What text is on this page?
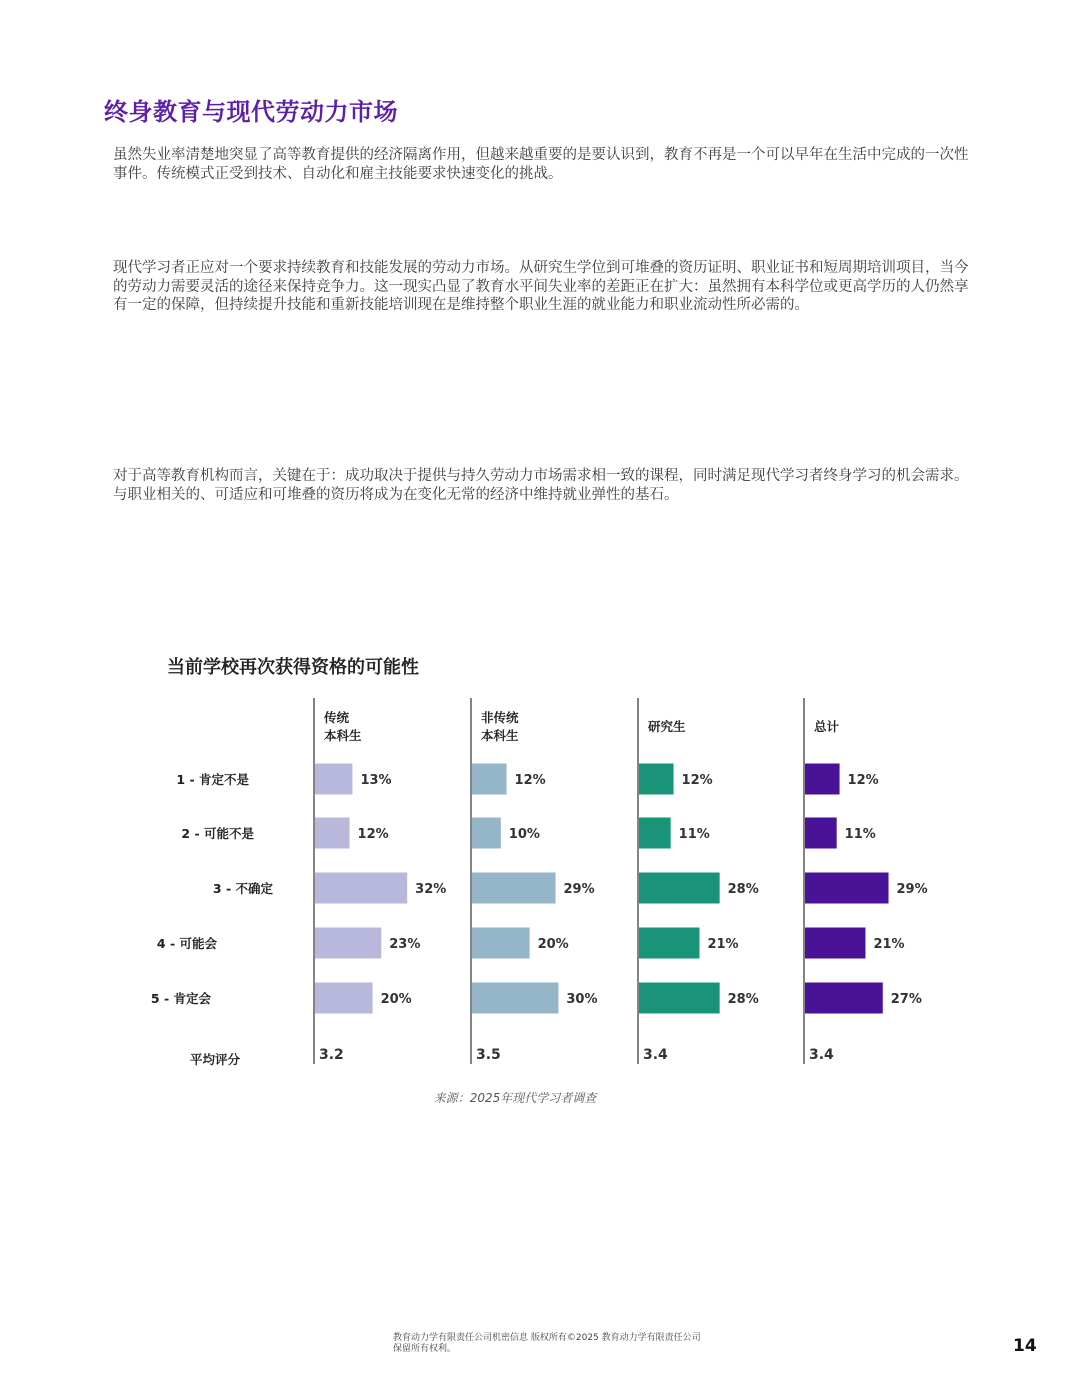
终身教育与现代劳动力市场

虽然失业率清楚地突显了高等教育提供的经济隔离作用，但越来越重要的是要认识到，教育不再是一个可以早年在生活中完成的一次性事件。传统模式正受到技术、自动化和雇主技能要求快速变化的挑战。

现代学习者正应对一个要求持续教育和技能发展的劳动力市场。从研究生学位到可堆叠的资历证明、职业证书和短周期培训项目，当今的劳动力需要灵活的途径来保持竞争力。这一现实凸显了教育水平间失业率的差距正在扩大：虽然拥有本科学位或更高学历的人仍然享有一定的保障，但持续提升技能和重新技能培训现在是维持整个职业生涯的就业能力和职业流动性所必需的。

对于高等教育机构而言，关键在于：成功取决于提供与持久劳动力市场需求相一致的课程，同时满足现代学习者终身学习的机会需求。与职业相关的、可适应和可堆叠的资历将成为在变化无常的经济中维持就业弹性的基石。

当前学校再次获得资格的可能性
1 - 肯定不是
2 - 可能不是
3 - 不确定
4 - 可能会
5 - 肯定会
平均评分
传统
本科生
13%
12%
32%
23%
20%
3.2
非传统
本科生
12%
10%
29%
20%
30%
3.5
研究生
12%
11%
28%
21%
28%
3.4
总计
12%
11%
29%
21%
27%
3.4
来源：2025年现代学习者调查
教育动力学有限责任公司机密信息 版权所有©2025 教育动力学有限责任公司 保留所有权利。	14
